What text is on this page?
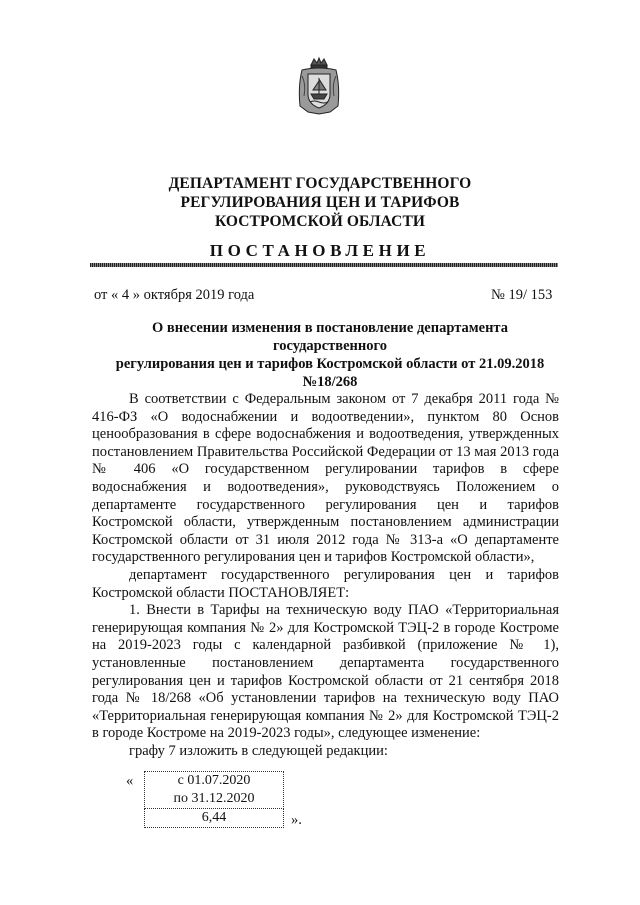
ДЕПАРТАМЕНТ ГОСУДАРСТВЕННОГО
РЕГУЛИРОВАНИЯ ЦЕН И ТАРИФОВ
КОСТРОМСКОЙ ОБЛАСТИ
ПОСТАНОВЛЕНИЕ
от « 4 » октября 2019 года	№ 19/ 153
О внесении изменения в постановление департамента государственного
регулирования цен и тарифов Костромской области от 21.09.2018
№18/268

В соответствии с Федеральным законом от 7 декабря 2011 года № 416-ФЗ «О водоснабжении и водоотведении», пунктом 80 Основ ценообразования в сфере водоснабжения и водоотведения, утвержденных постановлением Правительства Российской Федерации от 13 мая 2013 года № 406 «О государственном регулировании тарифов в сфере водоснабжения и водоотведения», руководствуясь Положением о департаменте государственного регулирования цен и тарифов Костромской области, утвержденным постановлением администрации Костромской области от 31 июля 2012 года № 313-а «О департаменте государственного регулирования цен и тарифов Костромской области»,

департамент государственного регулирования цен и тарифов Костромской области ПОСТАНОВЛЯЕТ:

1. Внести в Тарифы на техническую воду ПАО «Территориальная генерирующая компания № 2» для Костромской ТЭЦ-2 в городе Костроме на 2019-2023 годы с календарной разбивкой (приложение № 1), установленные постановлением департамента государственного регулирования цен и тарифов Костромской области от 21 сентября 2018 года № 18/268 «Об установлении тарифов на техническую воду ПАО «Территориальная генерирующая компания № 2» для Костромской ТЭЦ-2 в городе Костроме на 2019-2023 годы», следующее изменение:

графу 7 изложить в следующей редакции:

«	с 01.07.2020
по 31.12.2020

6,44	».
